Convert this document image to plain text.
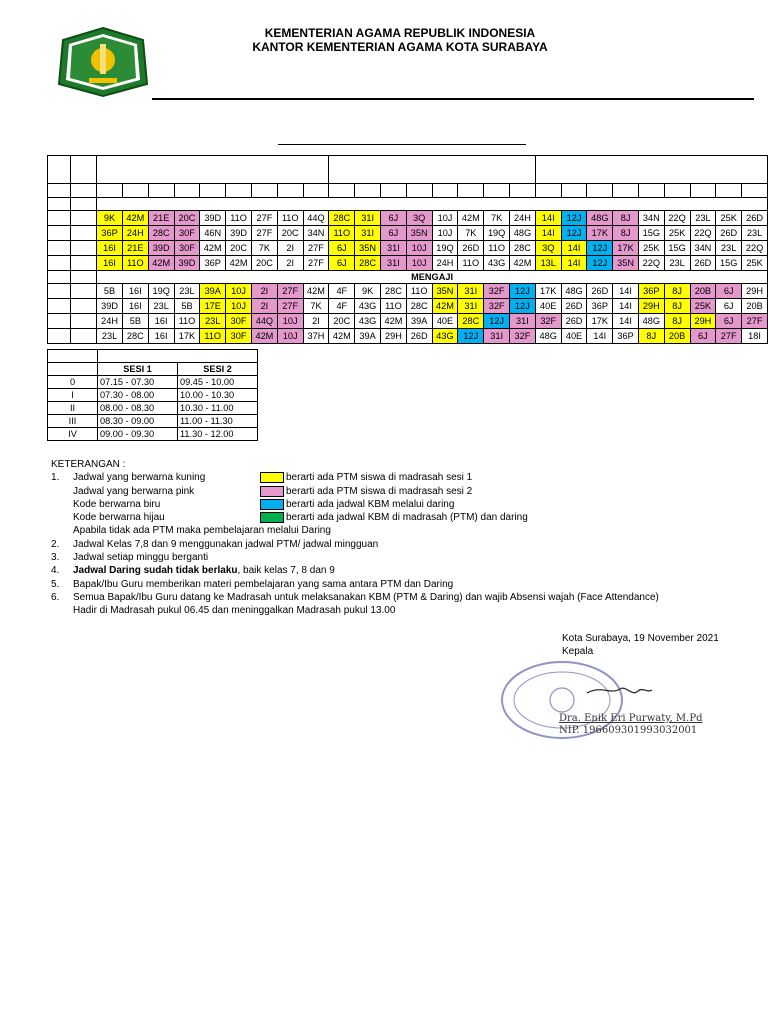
KEMENTERIAN AGAMA REPUBLIK INDONESIA
KANTOR KEMENTERIAN AGAMA KOTA SURABAYA

		9K	42M	21E	20C	39D	11O	27F	11O	44Q	28C	31I	6J	3Q	10J	42M	7K	24H	14I	12J	48G	8J	34N	22Q	23L	25K	26D
		36P	24H	28C	30F	46N	39D	27F	20C	34N	11O	31I	6J	35N	10J	7K	19Q	48G	14I	12J	17K	8J	15G	25K	22Q	26D	23L
		16I	21E	39D	30F	42M	20C	7K	2I	27F	6J	35N	31I	10J	19Q	26D	11O	28C	3Q	14I	12J	17K	25K	15G	34N	23L	22Q
		16I	11O	42M	39D	36P	42M	20C	2I	27F	6J	28C	31I	10J	24H	11O	43G	42M	13L	14I	12J	35N	22Q	23L	26D	15G	25K
		MENGAJI																									
		5B	16I	19Q	23L	39A	10J	2I	27F	42M	4F	9K	28C	11O	35N	31I	32F	12J	17K	48G	26D	14I	36P	8J	20B	6J	29H
		39D	16I	23L	5B	17E	10J	2I	27F	7K	4F	43G	11O	28C	42M	31I	32F	12J	40E	26D	36P	14I	29H	8J	25K	6J	20B
		24H	5B	16I	11O	23L	30F	44Q	10J	2I	20C	43G	42M	39A	40E	28C	12J	31I	32F	26D	17K	14I	48G	8J	29H	6J	27F
		23L	28C	16I	17K	11O	30F	42M	10J	37H	42M	39A	29H	26D	43G	12J	31I	32F	48G	40E	14I	36P	8J	20B	6J	27F	18I

	SESI 1	SESI 2
0	07.15 - 07.30	09.45 - 10.00
I	07.30 - 08.00	10.00 - 10.30
II	08.00 - 08.30	10.30 - 11.00
III	08.30 - 09.00	11.00 - 11.30
IV	09.00 - 09.30	11.30 - 12.00
KETERANGAN :
1. Jadwal yang berwarna kuning	berarti ada PTM siswa di madrasah sesi 1
Jadwal yang berwarna pink	berarti ada PTM siswa di madrasah sesi 2
Kode berwarna biru	berarti ada jadwal KBM melalui daring
Kode berwarna hijau	berarti ada jadwal KBM di madrasah (PTM) dan daring
Apabila tidak ada PTM maka pembelajaran melalui Daring
2. Jadwal Kelas 7,8 dan 9 menggunakan jadwal PTM/ jadwal mingguan
3. Jadwal setiap minggu berganti
4. Jadwal Daring sudah tidak berlaku, baik kelas 7, 8 dan 9
5. Bapak/Ibu Guru memberikan materi pembelajaran yang sama antara PTM dan Daring
6. Semua Bapak/Ibu Guru datang ke Madrasah untuk melaksanakan KBM (PTM & Daring) dan wajib Absensi wajah (Face Attendance)
Hadir di Madrasah pukul 06.45 dan meninggalkan Madrasah pukul 13.00
Kota Surabaya, 19 November 2021
Kepala
Dra. Enik Eri Purwaty, M.Pd
NIP. 196609301993032001
